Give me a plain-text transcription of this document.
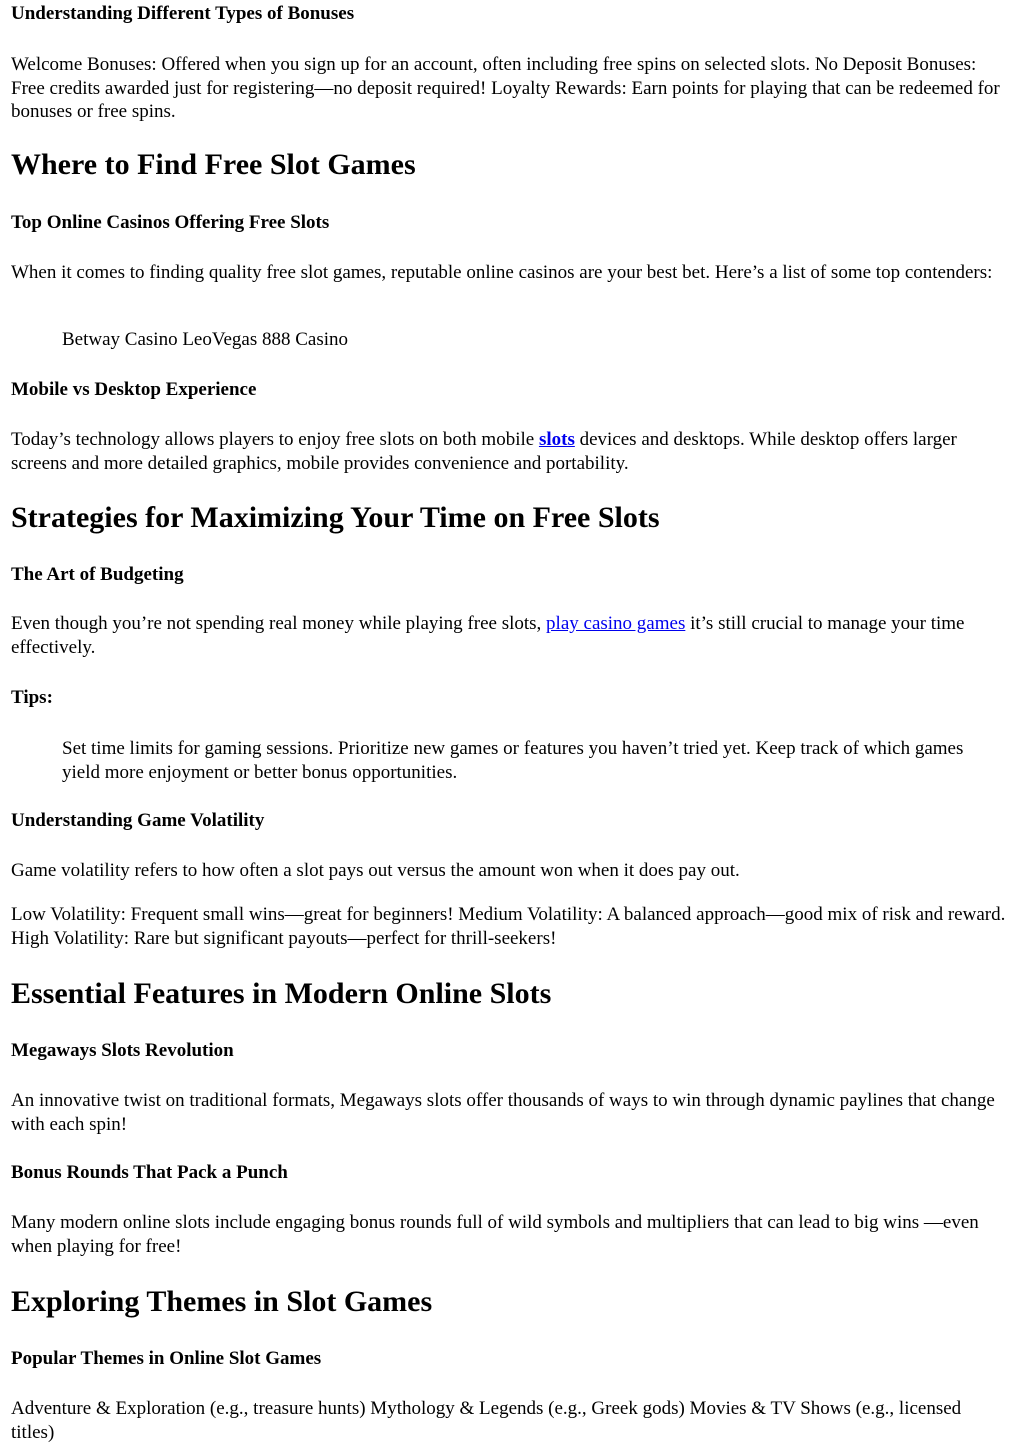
Understanding Different Types of Bonuses
Welcome Bonuses: Offered when you sign up for an account, often including free spins on selected slots. No Deposit Bonuses: Free credits awarded just for registering—no deposit required! Loyalty Rewards: Earn points for playing that can be redeemed for bonuses or free spins.
Where to Find Free Slot Games
Top Online Casinos Offering Free Slots
When it comes to finding quality free slot games, reputable online casinos are your best bet. Here’s a list of some top contenders:
Betway Casino LeoVegas 888 Casino
Mobile vs Desktop Experience
Today’s technology allows players to enjoy free slots on both mobile slots devices and desktops. While desktop offers larger screens and more detailed graphics, mobile provides convenience and portability.
Strategies for Maximizing Your Time on Free Slots
The Art of Budgeting
Even though you’re not spending real money while playing free slots, play casino games it’s still crucial to manage your time effectively.
Tips:
Set time limits for gaming sessions. Prioritize new games or features you haven’t tried yet. Keep track of which games yield more enjoyment or better bonus opportunities.
Understanding Game Volatility
Game volatility refers to how often a slot pays out versus the amount won when it does pay out.
Low Volatility: Frequent small wins—great for beginners! Medium Volatility: A balanced approach—good mix of risk and reward. High Volatility: Rare but significant payouts—perfect for thrill-seekers!
Essential Features in Modern Online Slots
Megaways Slots Revolution
An innovative twist on traditional formats, Megaways slots offer thousands of ways to win through dynamic paylines that change with each spin!
Bonus Rounds That Pack a Punch
Many modern online slots include engaging bonus rounds full of wild symbols and multipliers that can lead to big wins —even when playing for free!
Exploring Themes in Slot Games
Popular Themes in Online Slot Games
Adventure & Exploration (e.g., treasure hunts) Mythology & Legends (e.g., Greek gods) Movies & TV Shows (e.g., licensed titles)
